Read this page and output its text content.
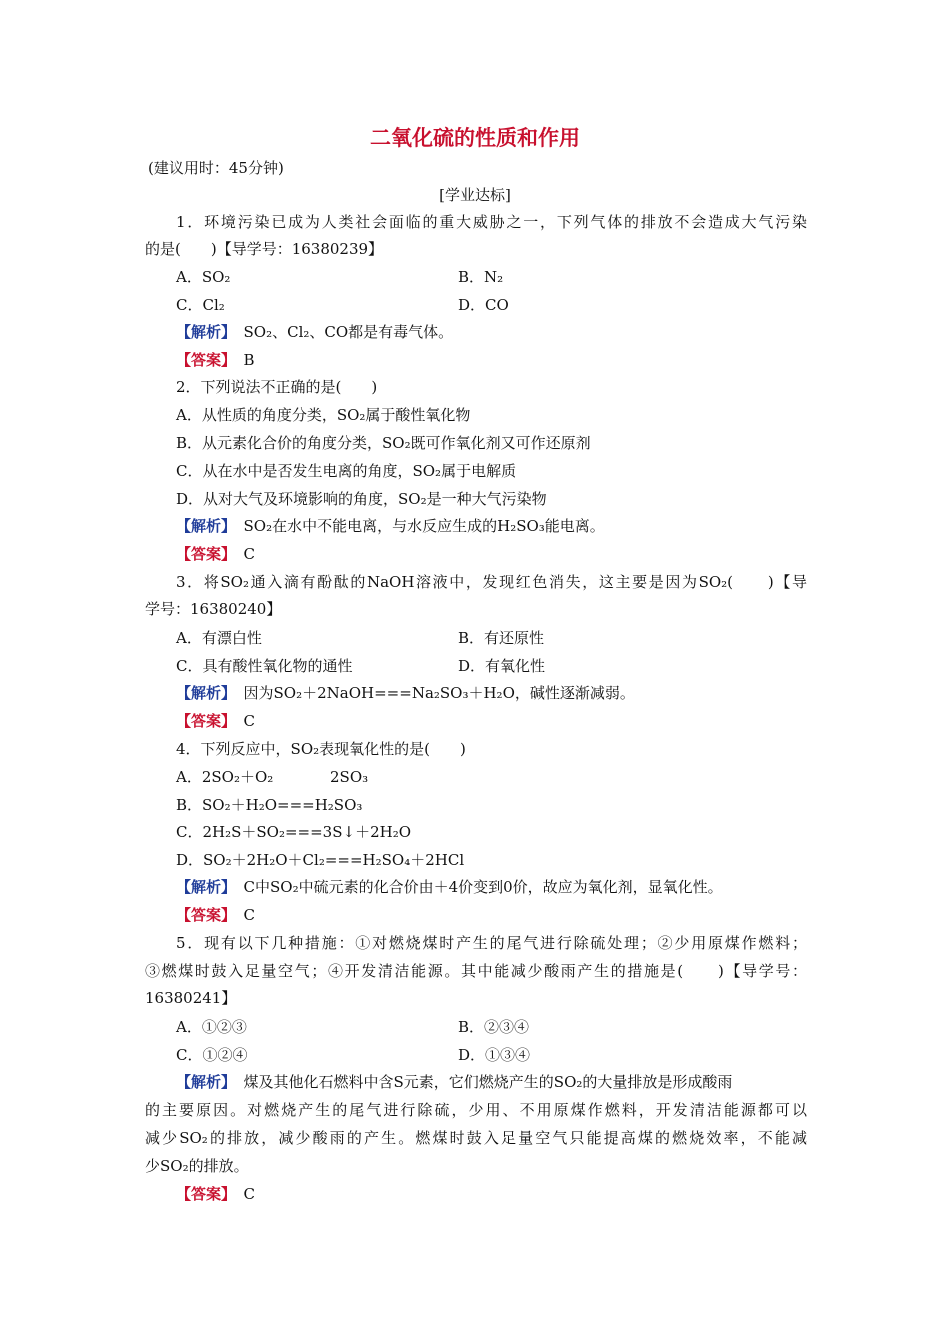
二氧化硫的性质和作用
(建议用时：45分钟)
[学业达标]
1．环境污染已成为人类社会面临的重大威胁之一，下列气体的排放不会造成大气污染
的是(　　)【导学号：16380239】
A．SO₂	B．N₂
C．Cl₂	D．CO
【解析】　 SO₂、Cl₂、CO都是有毒气体。
【答案】　 B
2．下列说法不正确的是(　　)
A．从性质的角度分类，SO₂属于酸性氧化物
B．从元素化合价的角度分类，SO₂既可作氧化剂又可作还原剂
C．从在水中是否发生电离的角度，SO₂属于电解质
D．从对大气及环境影响的角度，SO₂是一种大气污染物
【解析】　 SO₂在水中不能电离，与水反应生成的H₂SO₃能电离。
【答案】　 C
3．将SO₂通入滴有酚酞的NaOH溶液中，发现红色消失，这主要是因为SO₂(　　)【导
学号：16380240】
A．有漂白性	B．有还原性
C．具有酸性氧化物的通性	D．有氧化性
【解析】　 因为SO₂＋2NaOH===Na₂SO₃＋H₂O，碱性逐渐减弱。
【答案】　 C
4．下列反应中，SO₂表现氧化性的是(　　)
A．2SO₂＋O₂	2SO₃
B．SO₂＋H₂O===H₂SO₃
C．2H₂S＋SO₂===3S↓＋2H₂O
D．SO₂＋2H₂O＋Cl₂===H₂SO₄＋2HCl
【解析】　 C中SO₂中硫元素的化合价由＋4价变到0价，故应为氧化剂，显氧化性。
【答案】　 C
5．现有以下几种措施：①对燃烧煤时产生的尾气进行除硫处理；②少用原煤作燃料；
③燃煤时鼓入足量空气；④开发清洁能源。其中能减少酸雨产生的措施是(　　)【导学号：
16380241】
A．①②③	B．②③④
C．①②④	D．①③④
【解析】　 煤及其他化石燃料中含S元素，它们燃烧产生的SO₂的大量排放是形成酸雨
的主要原因。对燃烧产生的尾气进行除硫，少用、不用原煤作燃料，开发清洁能源都可以
减少SO₂的排放，减少酸雨的产生。燃煤时鼓入足量空气只能提高煤的燃烧效率，不能减
少SO₂的排放。
【答案】　 C
